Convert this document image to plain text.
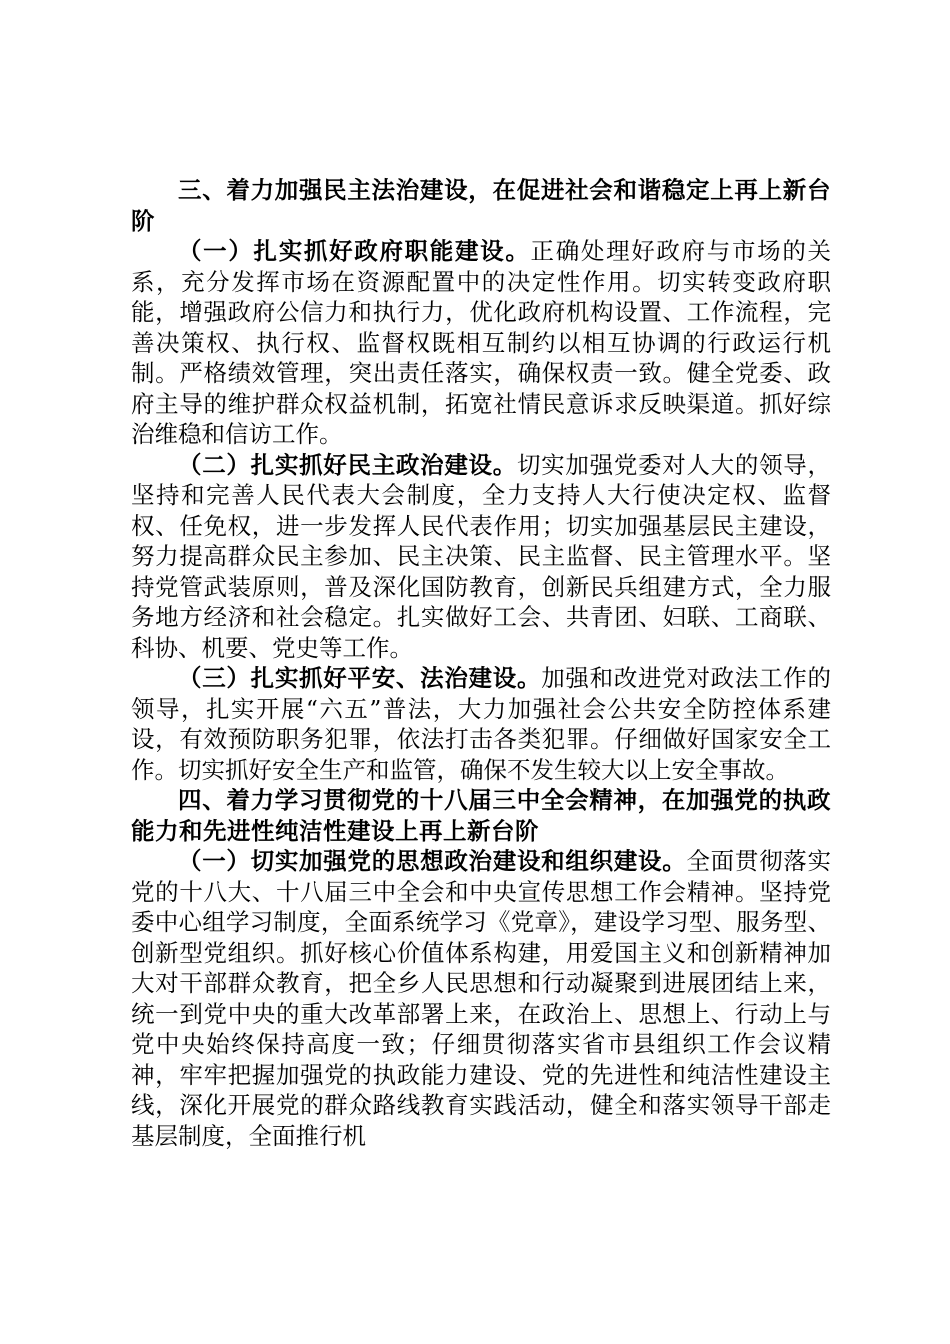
三、着力加强民主法治建设，在促进社会和谐稳定上再上新台阶

（一）扎实抓好政府职能建设。正确处理好政府与市场的关系，充分发挥市场在资源配置中的决定性作用。切实转变政府职能，增强政府公信力和执行力，优化政府机构设置、工作流程，完善决策权、执行权、监督权既相互制约以相互协调的行政运行机制。严格绩效管理，突出责任落实，确保权责一致。健全党委、政府主导的维护群众权益机制，拓宽社情民意诉求反映渠道。抓好综治维稳和信访工作。

（二）扎实抓好民主政治建设。切实加强党委对人大的领导，坚持和完善人民代表大会制度，全力支持人大行使决定权、监督权、任免权，进一步发挥人民代表作用；切实加强基层民主建设，努力提高群众民主参加、民主决策、民主监督、民主管理水平。坚持党管武装原则，普及深化国防教育，创新民兵组建方式，全力服务地方经济和社会稳定。扎实做好工会、共青团、妇联、工商联、科协、机要、党史等工作。

（三）扎实抓好平安、法治建设。加强和改进党对政法工作的领导，扎实开展“六五”普法，大力加强社会公共安全防控体系建设，有效预防职务犯罪，依法打击各类犯罪。仔细做好国家安全工作。切实抓好安全生产和监管，确保不发生较大以上安全事故。

四、着力学习贯彻党的十八届三中全会精神，在加强党的执政能力和先进性纯洁性建设上再上新台阶

（一）切实加强党的思想政治建设和组织建设。全面贯彻落实党的十八大、十八届三中全会和中央宣传思想工作会精神。坚持党委中心组学习制度，全面系统学习《党章》，建设学习型、服务型、创新型党组织。抓好核心价值体系构建，用爱国主义和创新精神加大对干部群众教育，把全乡人民思想和行动凝聚到进展团结上来，统一到党中央的重大改革部署上来，在政治上、思想上、行动上与党中央始终保持高度一致；仔细贯彻落实省市县组织工作会议精神，牢牢把握加强党的执政能力建设、党的先进性和纯洁性建设主线，深化开展党的群众路线教育实践活动，健全和落实领导干部走基层制度，全面推行机
